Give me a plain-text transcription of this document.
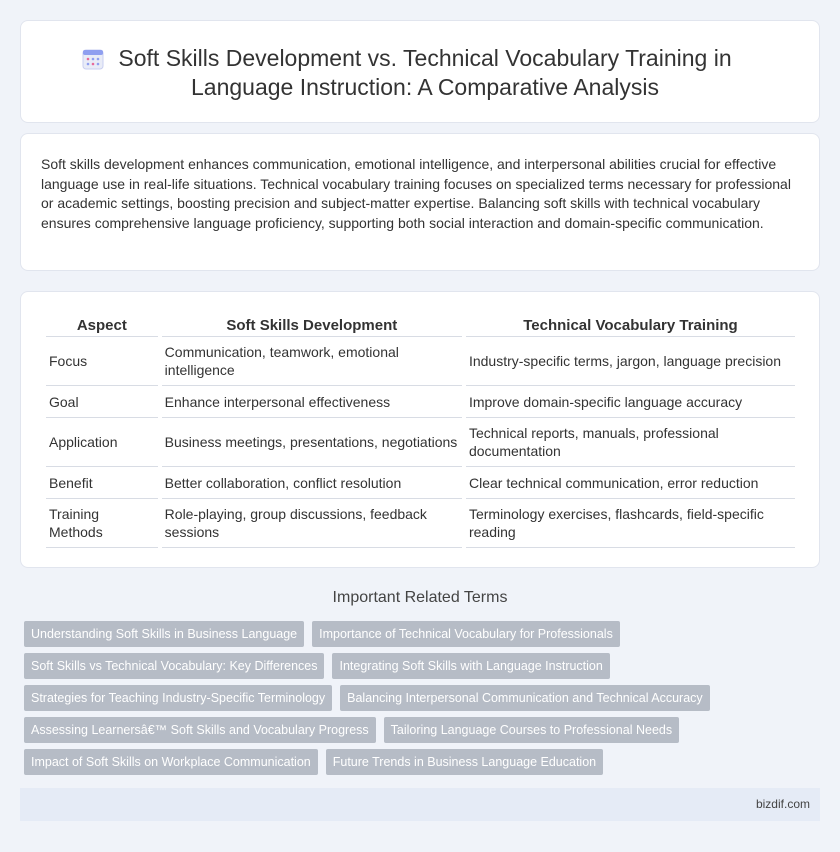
Soft Skills Development vs. Technical Vocabulary Training in Language Instruction: A Comparative Analysis

Soft skills development enhances communication, emotional intelligence, and interpersonal abilities crucial for effective language use in real-life situations. Technical vocabulary training focuses on specialized terms necessary for professional or academic settings, boosting precision and subject-matter expertise. Balancing soft skills with technical vocabulary ensures comprehensive language proficiency, supporting both social interaction and domain-specific communication.

Aspect	Soft Skills Development	Technical Vocabulary Training
Focus	Communication, teamwork, emotional intelligence	Industry-specific terms, jargon, language precision
Goal	Enhance interpersonal effectiveness	Improve domain-specific language accuracy
Application	Business meetings, presentations, negotiations	Technical reports, manuals, professional documentation
Benefit	Better collaboration, conflict resolution	Clear technical communication, error reduction
Training Methods	Role-playing, group discussions, feedback sessions	Terminology exercises, flashcards, field-specific reading
Important Related Terms
Understanding Soft Skills in Business Language	Importance of Technical Vocabulary for Professionals
Soft Skills vs Technical Vocabulary: Key Differences	Integrating Soft Skills with Language Instruction
Strategies for Teaching Industry-Specific Terminology	Balancing Interpersonal Communication and Technical Accuracy
Assessing Learnersâ€™ Soft Skills and Vocabulary Progress	Tailoring Language Courses to Professional Needs
Impact of Soft Skills on Workplace Communication	Future Trends in Business Language Education
bizdif.com
